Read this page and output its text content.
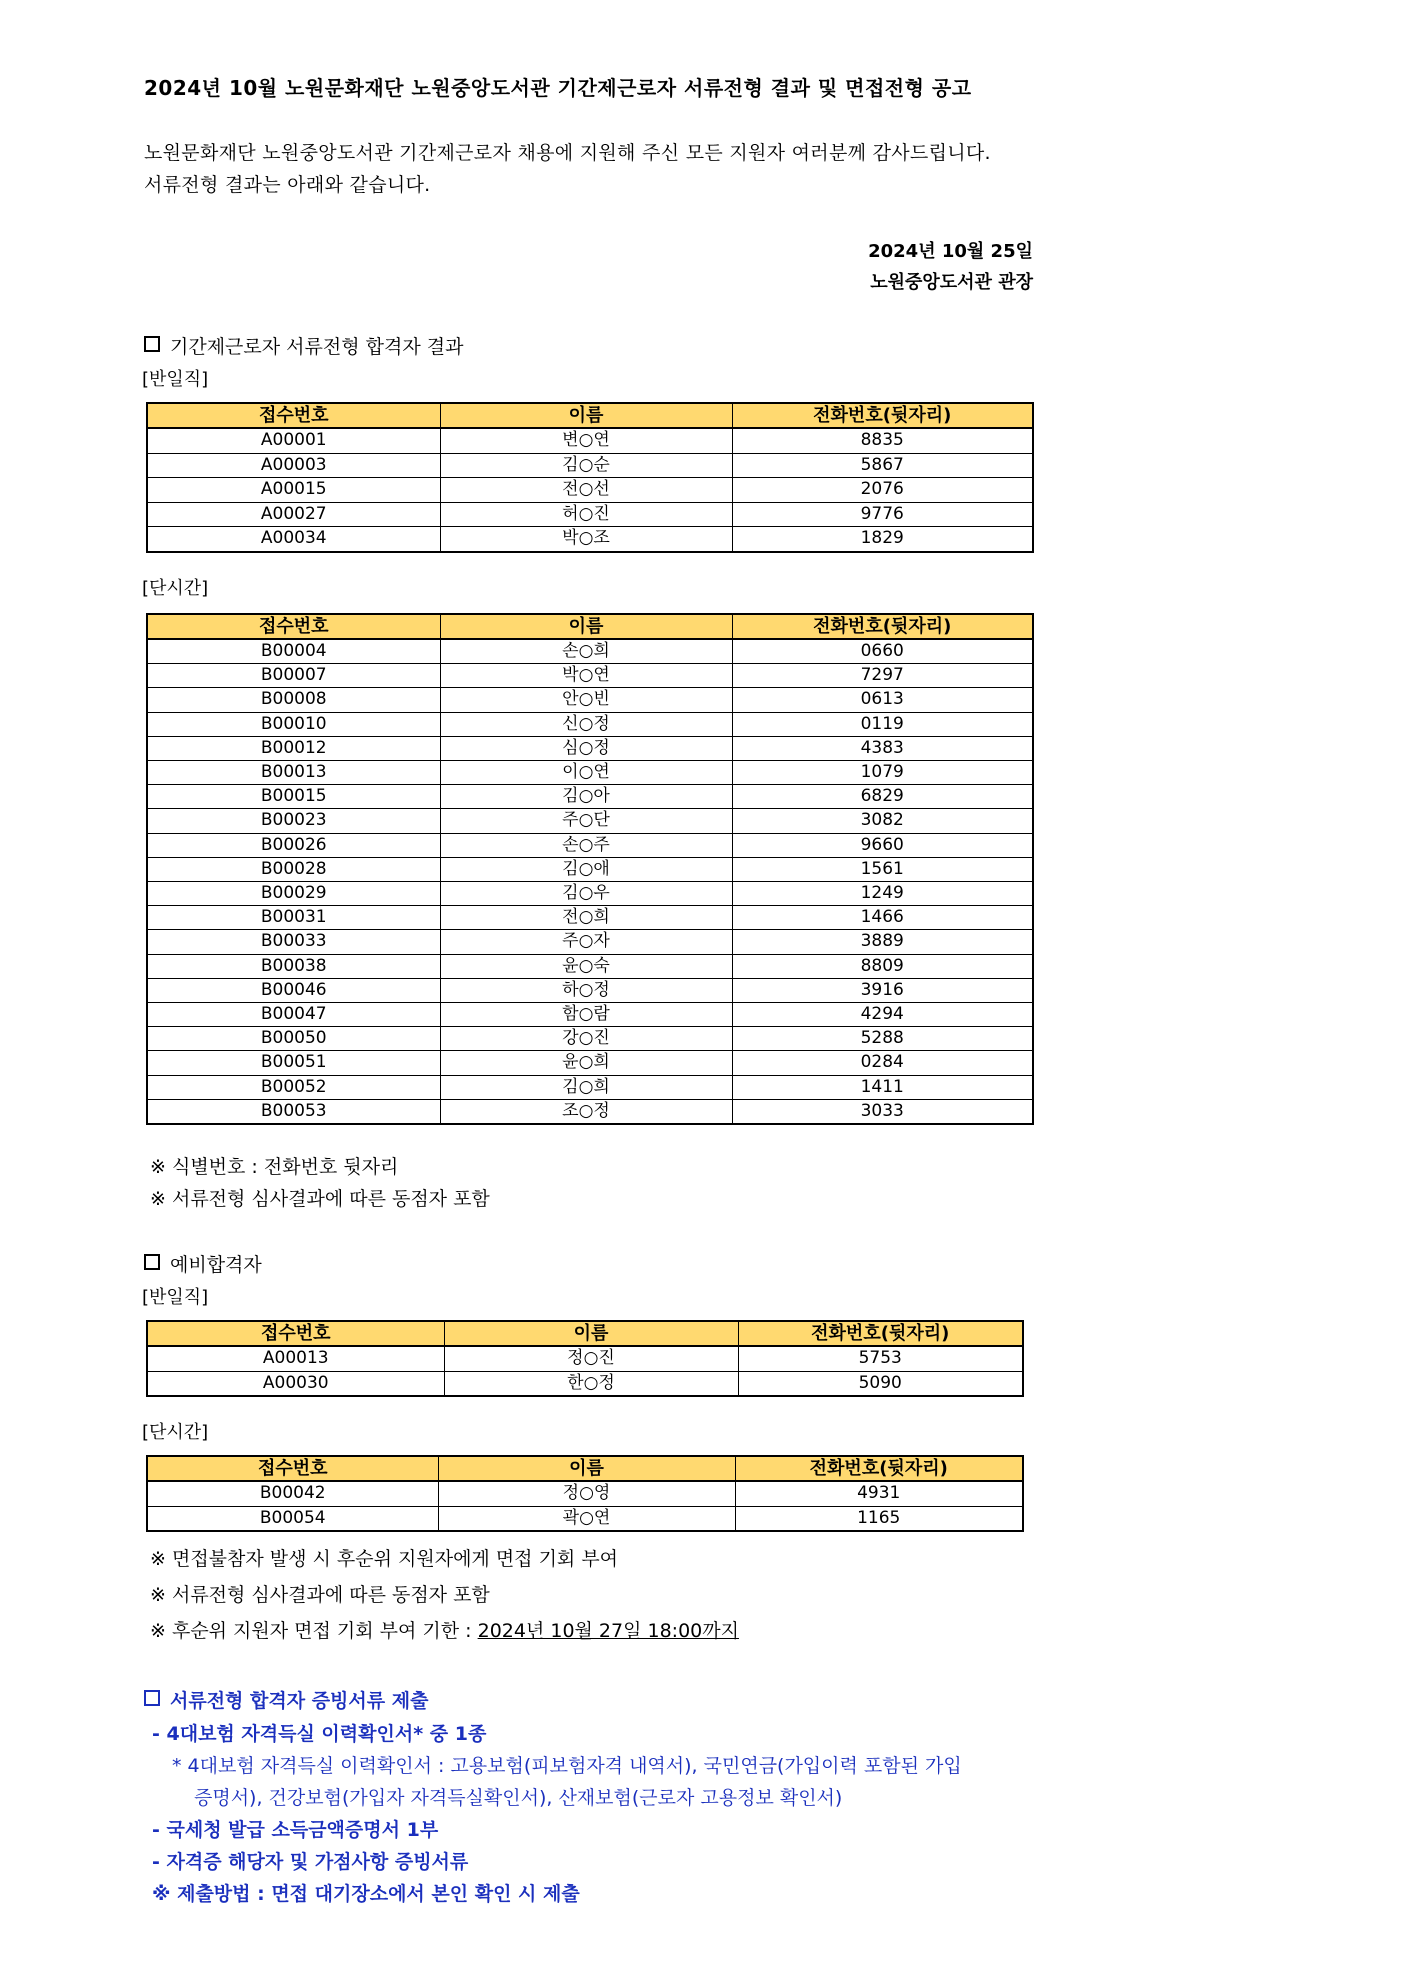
2024년 10월 노원문화재단 노원중앙도서관 기간제근로자 서류전형 결과 및 면접전형 공고
노원문화재단 노원중앙도서관 기간제근로자 채용에 지원해 주신 모든 지원자 여러분께 감사드립니다.
서류전형 결과는 아래와 같습니다.
2024년 10월 25일
노원중앙도서관 관장
기간제근로자 서류전형 합격자 결과
[반일직]
접수번호	이름	전화번호(뒷자리)
A00001	변○연	8835
A00003	김○순	5867
A00015	전○선	2076
A00027	허○진	9776
A00034	박○조	1829
[단시간]
접수번호	이름	전화번호(뒷자리)
B00004	손○희	0660
B00007	박○연	7297
B00008	안○빈	0613
B00010	신○정	0119
B00012	심○정	4383
B00013	이○연	1079
B00015	김○아	6829
B00023	주○단	3082
B00026	손○주	9660
B00028	김○애	1561
B00029	김○우	1249
B00031	전○희	1466
B00033	주○자	3889
B00038	윤○숙	8809
B00046	하○정	3916
B00047	함○람	4294
B00050	강○진	5288
B00051	윤○희	0284
B00052	김○희	1411
B00053	조○정	3033
※ 식별번호 : 전화번호 뒷자리
※ 서류전형 심사결과에 따른 동점자 포함
예비합격자
[반일직]
접수번호	이름	전화번호(뒷자리)
A00013	정○진	5753
A00030	한○정	5090
[단시간]
접수번호	이름	전화번호(뒷자리)
B00042	정○영	4931
B00054	곽○연	1165
※ 면접불참자 발생 시 후순위 지원자에게 면접 기회 부여
※ 서류전형 심사결과에 따른 동점자 포함
※ 후순위 지원자 면접 기회 부여 기한 : 2024년 10월 27일 18:00까지
서류전형 합격자 증빙서류 제출
- 4대보험 자격득실 이력확인서* 중 1종
* 4대보험 자격득실 이력확인서 : 고용보험(피보험자격 내역서), 국민연금(가입이력 포함된 가입
증명서), 건강보험(가입자 자격득실확인서), 산재보험(근로자 고용정보 확인서)
- 국세청 발급 소득금액증명서 1부
- 자격증 해당자 및 가점사항 증빙서류
※ 제출방법 : 면접 대기장소에서 본인 확인 시 제출
